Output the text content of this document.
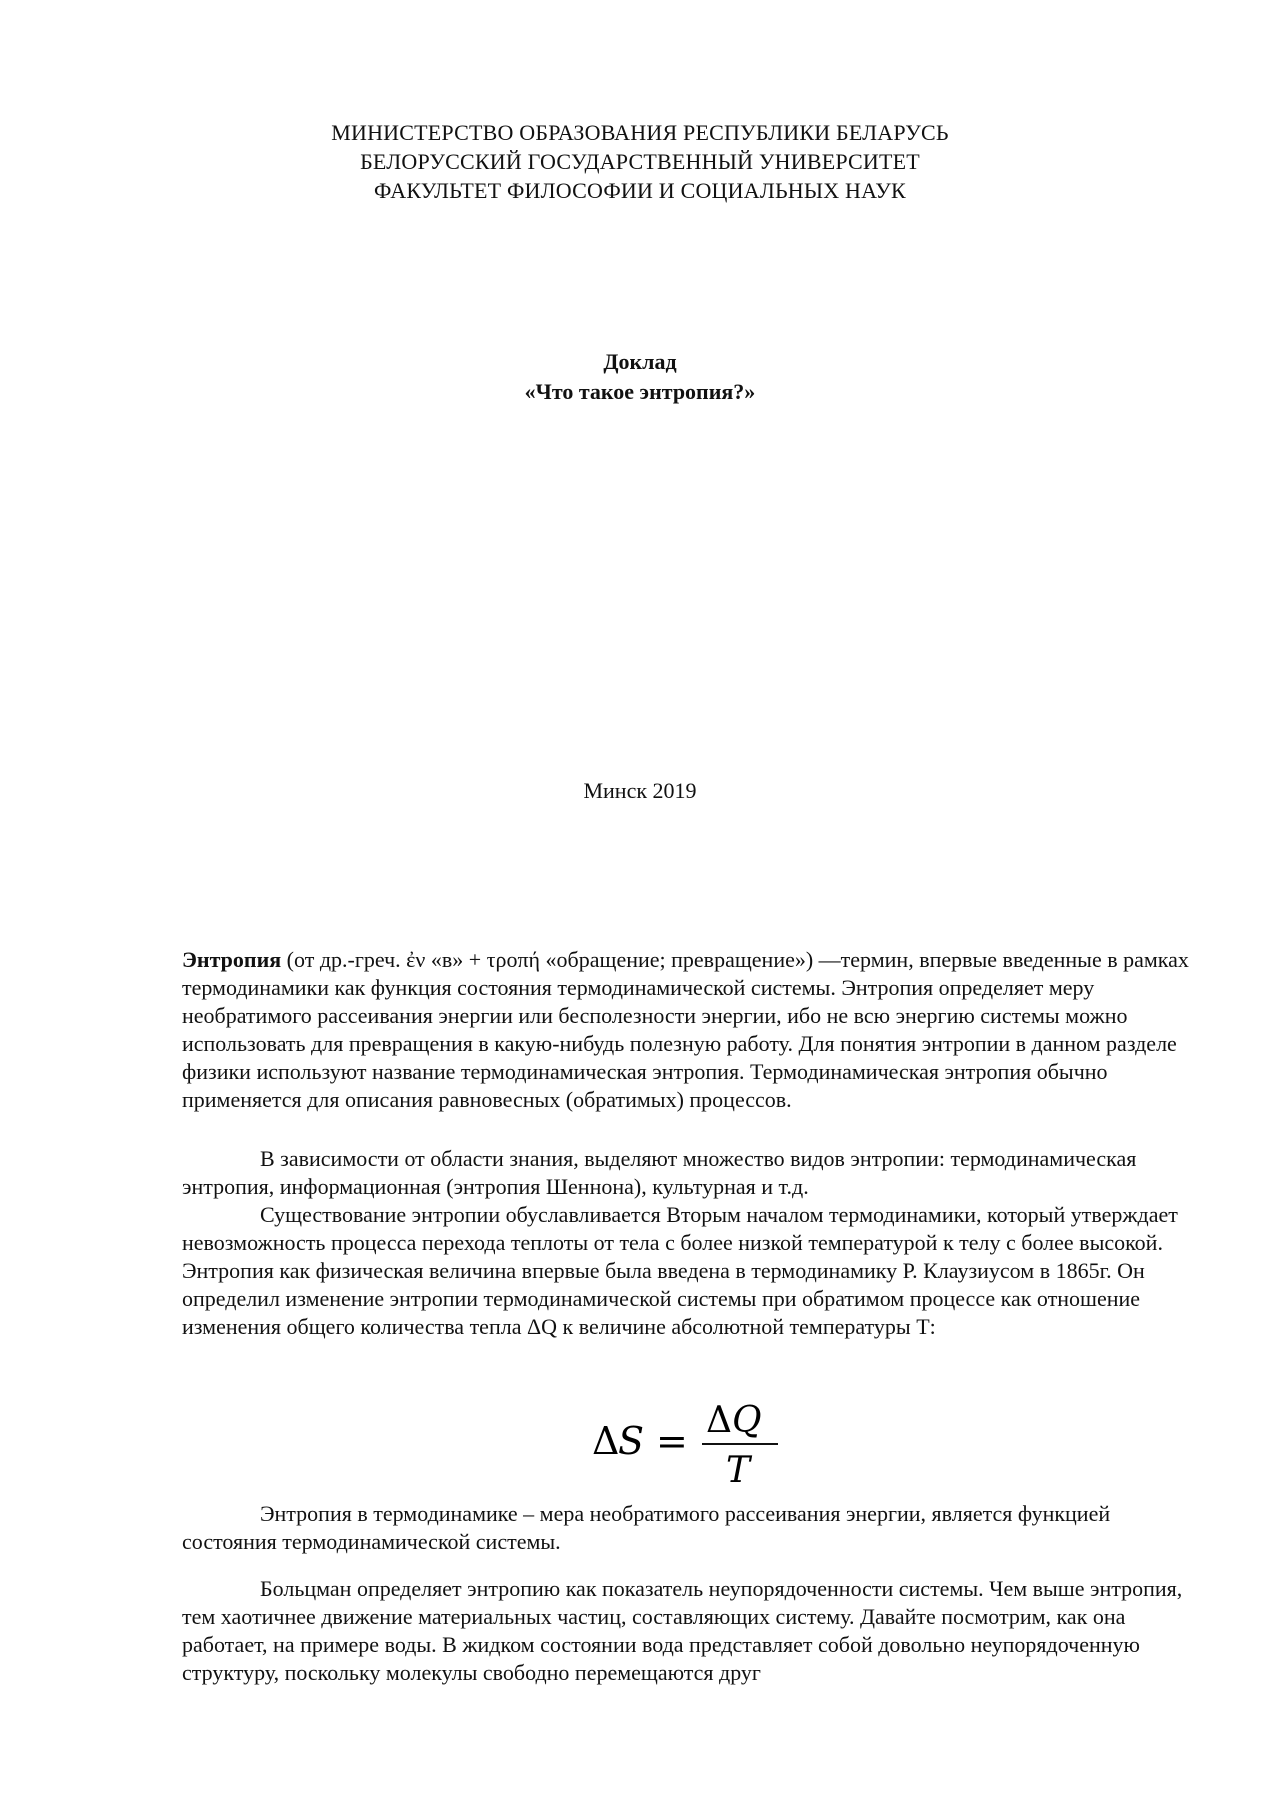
МИНИСТЕРСТВО ОБРАЗОВАНИЯ РЕСПУБЛИКИ БЕЛАРУСЬ
БЕЛОРУССКИЙ ГОСУДАРСТВЕННЫЙ УНИВЕРСИТЕТ
ФАКУЛЬТЕТ ФИЛОСОФИИ И СОЦИАЛЬНЫХ НАУК
Доклад
«Что такое энтропия?»
Минск 2019

Энтропия (от др.-греч. ἐν «в» + τροπή «обращение; превращение») —термин, впервые введенные в рамках термодинамики как функция состояния термодинамической системы. Энтропия определяет меру необратимого рассеивания энергии или бесполезности энергии, ибо не всю энергию системы можно использовать для превращения в какую-нибудь полезную работу. Для понятия энтропии в данном разделе физики используют название термодинамическая энтропия. Термодинамическая энтропия обычно применяется для описания равновесных (обратимых) процессов.

В зависимости от области знания, выделяют множество видов энтропии: термодинамическая энтропия, информационная (энтропия Шеннона), культурная и т.д.

Существование энтропии обуславливается Вторым началом термодинамики, который утверждает невозможность процесса перехода теплоты от тела с более низкой температурой к телу с более высокой. Энтропия как физическая величина впервые была введена в термодинамику Р. Клаузиусом в 1865г. Он определил изменение энтропии термодинамической системы при обратимом процессе как отношение изменения общего количества тепла ΔQ к величине абсолютной температуры Т:

Δ
S = Δ Q
T

Энтропия в термодинамике – мера необратимого рассеивания энергии, является функцией состояния термодинамической системы.

Больцман определяет энтропию как показатель неупорядоченности системы. Чем выше энтропия, тем хаотичнее движение материальных частиц, составляющих систему. Давайте посмотрим, как она работает, на примере воды. В жидком состоянии вода представляет собой довольно неупорядоченную структуру, поскольку молекулы свободно перемещаются друг
